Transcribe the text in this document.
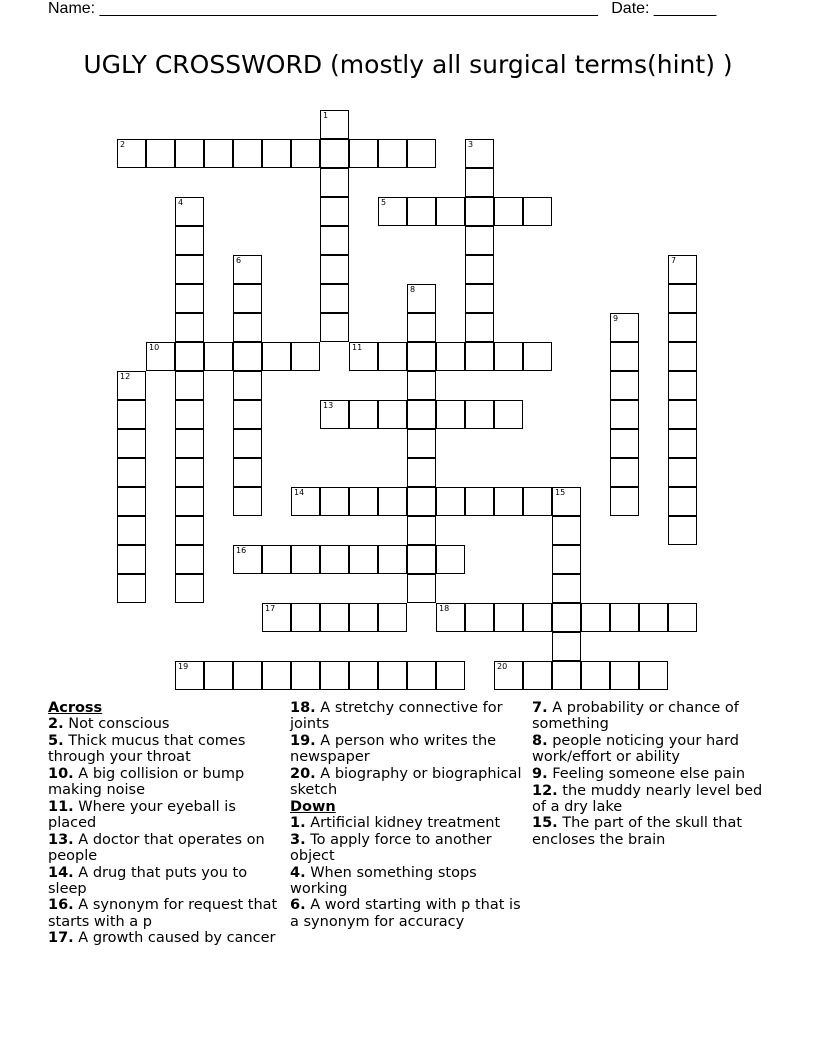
Name: ________________________________________________________ Date: _______
UGLY CROSSWORD (mostly all surgical terms(hint) )
1
2	3
4	5
6	7
8
9
10	11
12
13
14	15
16
17	18
19	20
Across
2. Not conscious
5. Thick mucus that comes through your throat
10. A big collision or bump making noise
11. Where your eyeball is placed
13. A doctor that operates on people
14. A drug that puts you to sleep
16. A synonym for request that starts with a p
17. A growth caused by cancer
18. A stretchy connective for joints
19. A person who writes the newspaper
20. A biography or biographical sketch
Down
1. Artificial kidney treatment
3. To apply force to another object
4. When something stops working
6. A word starting with p that is a synonym for accuracy
7. A probability or chance of something
8. people noticing your hard work/effort or ability
9. Feeling someone else pain
12. the muddy nearly level bed of a dry lake
15. The part of the skull that encloses the brain
